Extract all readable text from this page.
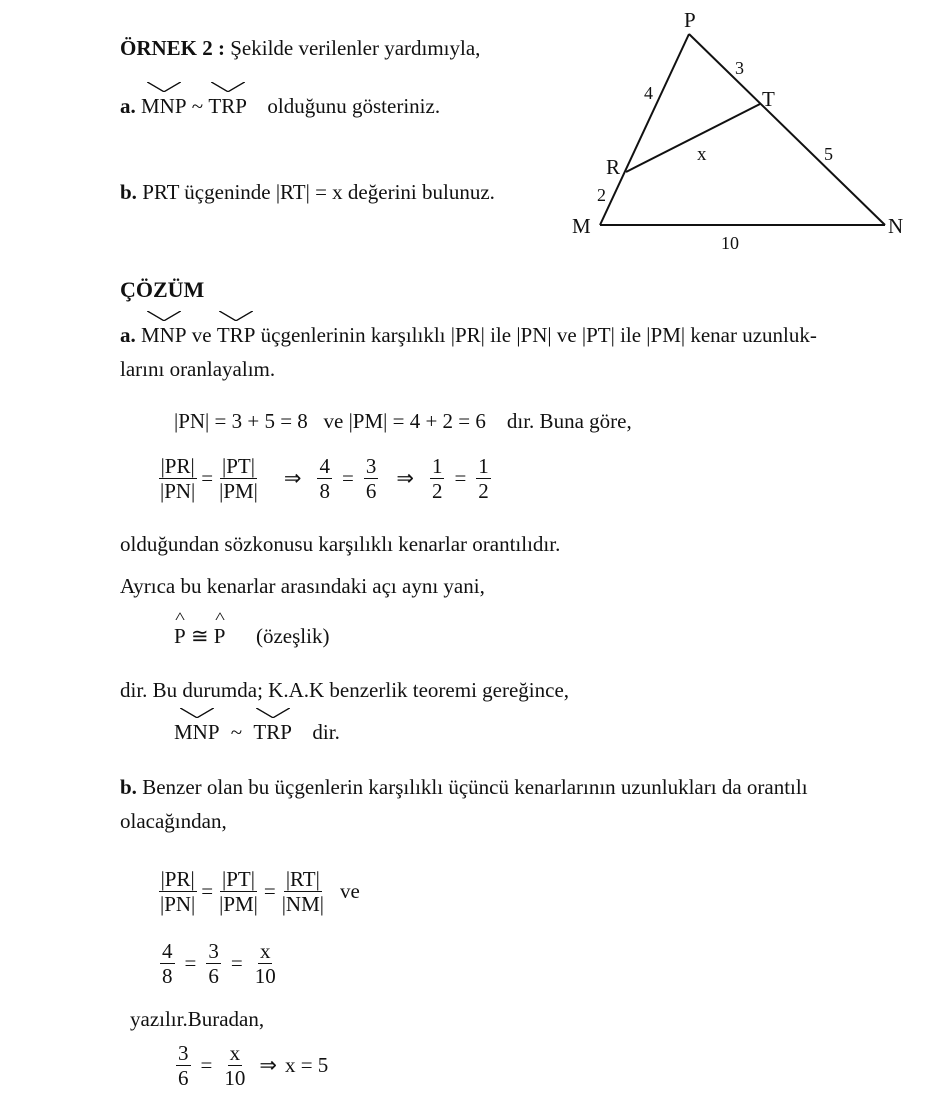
ÖRNEK 2 : Şekilde verilenler yardımıyla,
a. MNP ~ TRP olduğunu gösteriniz.
b. PRT üçgeninde |RT| = x değerini bulunuz.
P
T
R
M	N
4
3
x	5
2
10
ÇÖZÜM
a. MNP ve TRP üçgenlerinin karşılıklı |PR| ile |PN| ve |PT| ile |PM| kenar uzunluk-
larını oranlayalım.
|PN| = 3 + 5 = 8   ve |PM| = 4 + 2 = 6    dır. Buna göre,
$\frac{|PR|}{|PN|} = \frac{|PT|}{|PM|}$ ⇒ $\frac{4}{8} = \frac{3}{6}$ ⇒ $\frac{1}{2} = \frac{1}{2}$
olduğundan sözkonusu karşılıklı kenarlar orantılıdır.
Ayrıca bu kenarlar arasındaki açı aynı yani,
^ P ≅ ^ P (özeşlik)
dir. Bu durumda; K.A.K benzerlik teoremi gereğince,
MNP ~ TRP dir.
b. Benzer olan bu üçgenlerin karşılıklı üçüncü kenarlarının uzunlukları da orantılı
olacağından,
$\frac{|PR|}{|PN|} = \frac{|PT|}{|PM|} = \frac{|RT|}{|NM|}$ ve
$\frac{4}{8} = \frac{3}{6} = \frac{x}{10}$
yazılır.Buradan,
$\frac{3}{6} = \frac{x}{10}$ ⇒ x = 5
